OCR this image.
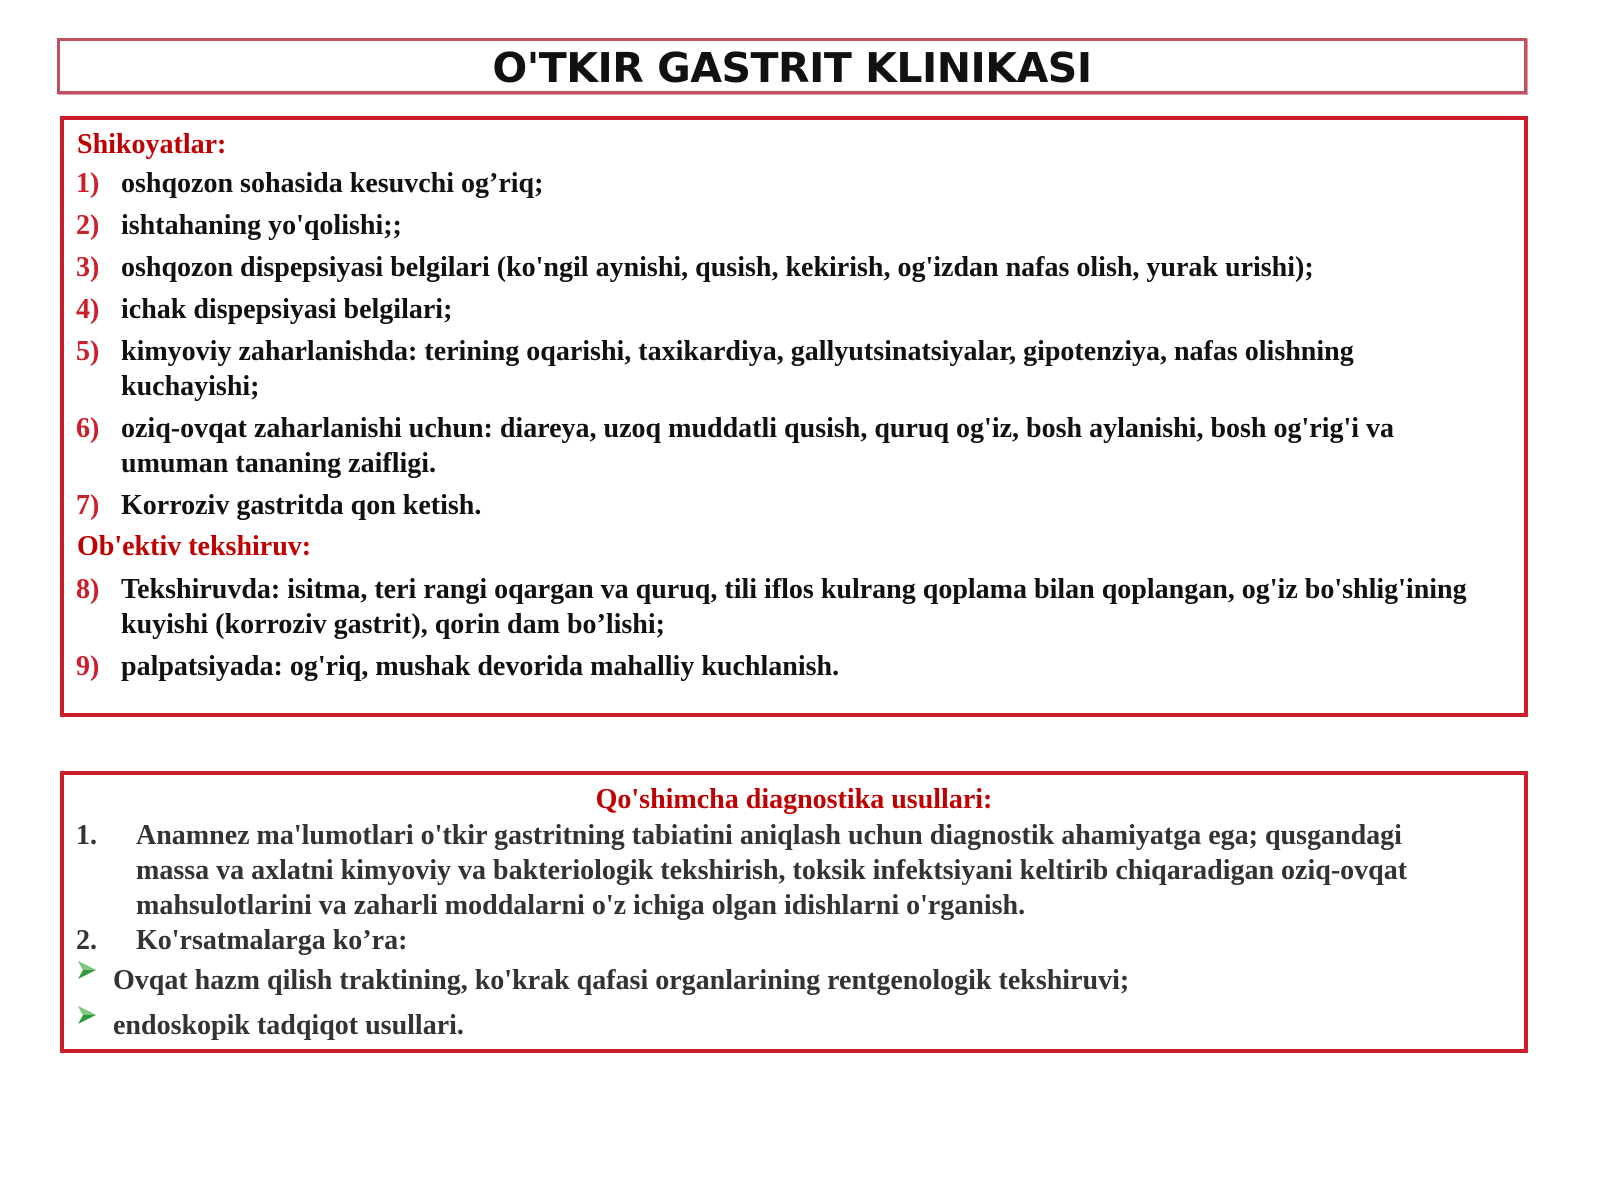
O'TKIR GASTRIT KLINIKASI
Shikoyatlar:
1) oshqozon sohasida kesuvchi og’riq;
2) ishtahaning yo'qolishi;;
3) oshqozon dispepsiyasi belgilari (ko'ngil aynishi, qusish, kekirish, og'izdan nafas olish, yurak urishi);
4) ichak dispepsiyasi belgilari;
5) kimyoviy zaharlanishda: terining oqarishi, taxikardiya, gallyutsinatsiyalar, gipotenziya, nafas olishning kuchayishi;
6) oziq-ovqat zaharlanishi uchun: diareya, uzoq muddatli qusish, quruq og'iz, bosh aylanishi, bosh og'rig'i va umuman tananing zaifligi.
7) Korroziv gastritda qon ketish.
Ob'ektiv tekshiruv:
8) Tekshiruvda: isitma, teri rangi oqargan va quruq, tili iflos kulrang qoplama bilan qoplangan, og'iz bo'shlig'ining kuyishi (korroziv gastrit), qorin dam bo’lishi;
9) palpatsiyada: og'riq, mushak devorida mahalliy kuchlanish.
Qo'shimcha diagnostika usullari:
1. Anamnez ma'lumotlari o'tkir gastritning tabiatini aniqlash uchun diagnostik ahamiyatga ega; qusgandagi massa va axlatni kimyoviy va bakteriologik tekshirish, toksik infektsiyani keltirib chiqaradigan oziq-ovqat mahsulotlarini va zaharli moddalarni o'z ichiga olgan idishlarni o'rganish.
2. Ko'rsatmalarga ko’ra:
Ovqat hazm qilish traktining, ko'krak qafasi organlarining rentgenologik tekshiruvi;
endoskopik tadqiqot usullari.
